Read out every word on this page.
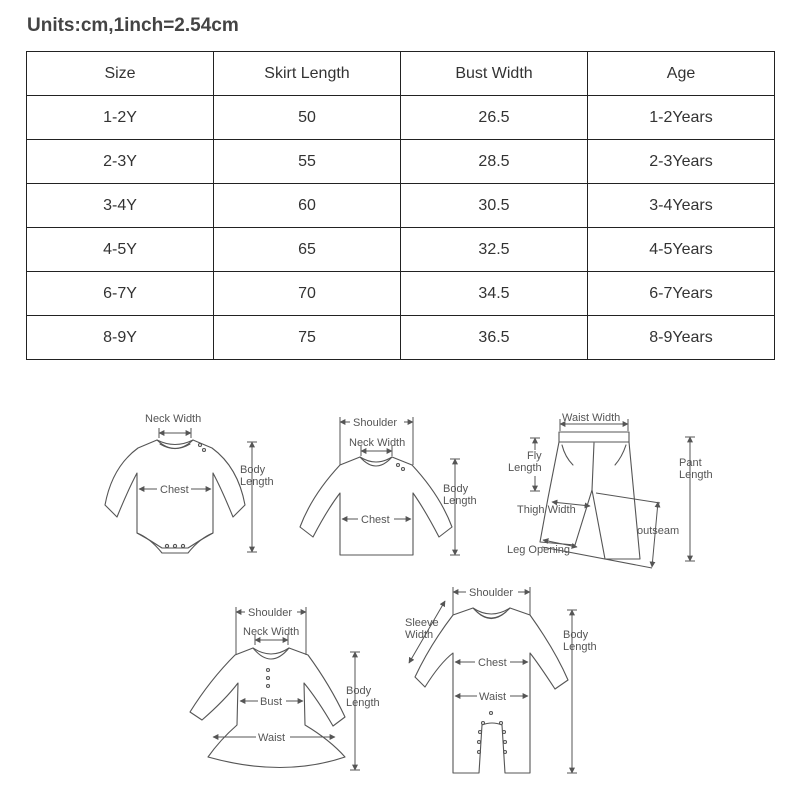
Units:cm,1inch=2.54cm
Size	Skirt Length	Bust Width	Age
1-2Y	50	26.5	1-2Years
2-3Y	55	28.5	2-3Years
3-4Y	60	30.5	3-4Years
4-5Y	65	32.5	4-5Years
6-7Y	70	34.5	6-7Years
8-9Y	75	36.5	8-9Years
Neck Width
Chest
Body
Length
Shoulder
Neck Width
Chest
Body
Length
Waist Width
Fly
Length	Pant
Length
Thigh Width
outseam
Leg Opening
Shoulder
Neck Width
Bust
Waist
Body
Length
Shoulder
Sleeve
Width
Chest
Waist
Body
Length
